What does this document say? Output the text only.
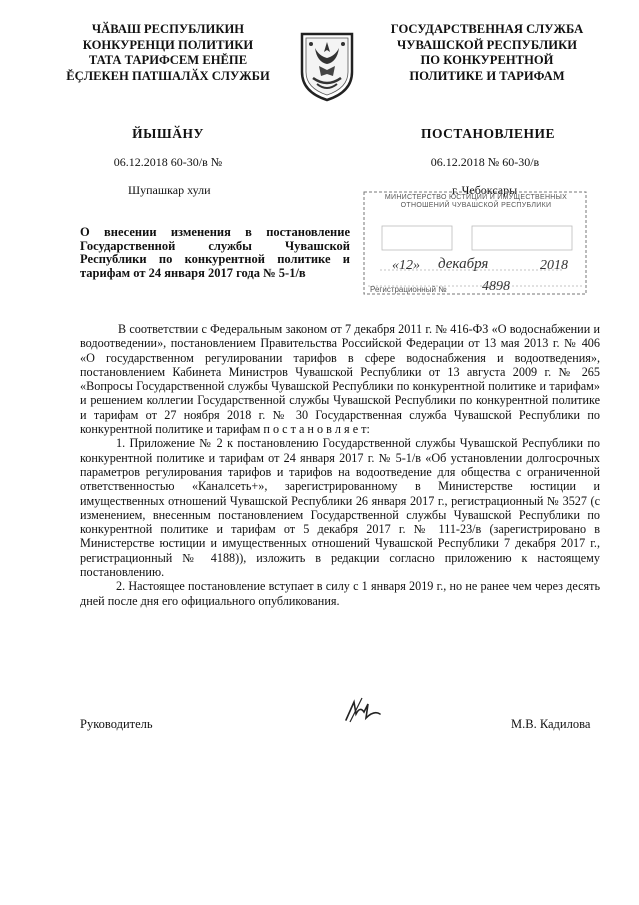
ЧӐВАШ РЕСПУБЛИКИН
КОНКУРЕНЦИ ПОЛИТИКИ
ТАТА ТАРИФСЕМ ЕНĔПЕ
ĔҪЛЕКЕН ПАТШАЛӐХ СЛУЖБИ
ГОСУДАРСТВЕННАЯ СЛУЖБА
ЧУВАШСКОЙ РЕСПУБЛИКИ
ПО КОНКУРЕНТНОЙ
ПОЛИТИКЕ И ТАРИФАМ
ЙЫШӐНУ	ПОСТАНОВЛЕНИЕ
06.12.2018 60-30/в №	06.12.2018 № 60-30/в
Шупашкар хули	г. Чебоксары
МИНИСТЕРСТВО ЮСТИЦИИ И ИМУЩЕСТВЕННЫХ
ОТНОШЕНИЙ ЧУВАШСКОЙ РЕСПУБЛИКИ
«12» декабря	2018
Регистрационный №	4898
О внесении изменения в постановление Государственной службы Чувашской Республики по конкурентной политике и тарифам от 24 января 2017 года № 5-1/в

В соответствии с Федеральным законом от 7 декабря 2011 г. № 416-ФЗ «О водоснабжении и водоотведении», постановлением Правительства Российской Федерации от 13 мая 2013 г. № 406 «О государственном регулировании тарифов в сфере водоснабжения и водоотведения», постановлением Кабинета Министров Чувашской Республики от 13 августа 2009 г. № 265 «Вопросы Государственной службы Чувашской Республики по конкурентной политике и тарифам» и решением коллегии Государственной службы Чувашской Республики по конкурентной политике и тарифам от 27 ноября 2018 г. № 30 Государственная служба Чувашской Республики по конкурентной политике и тарифам п о с т а н о в л я е т:

1. Приложение № 2 к постановлению Государственной службы Чувашской Республики по конкурентной политике и тарифам от 24 января 2017 г. № 5-1/в «Об установлении долгосрочных параметров регулирования тарифов и тарифов на водоотведение для общества с ограниченной ответственностью «Каналсеть+», зарегистрированному в Министерстве юстиции и имущественных отношений Чувашской Республики 26 января 2017 г., регистрационный № 3527 (с изменением, внесенным постановлением Государственной службы Чувашской Республики по конкурентной политике и тарифам от 5 декабря 2017 г. № 111-23/в (зарегистрировано в Министерстве юстиции и имущественных отношений Чувашской Республики 7 декабря 2017 г., регистрационный № 4188)), изложить в редакции согласно приложению к настоящему постановлению.

2. Настоящее постановление вступает в силу с 1 января 2019 г., но не ранее чем через десять дней после дня его официального опубликования.

Руководитель	М.В. Кадилова
